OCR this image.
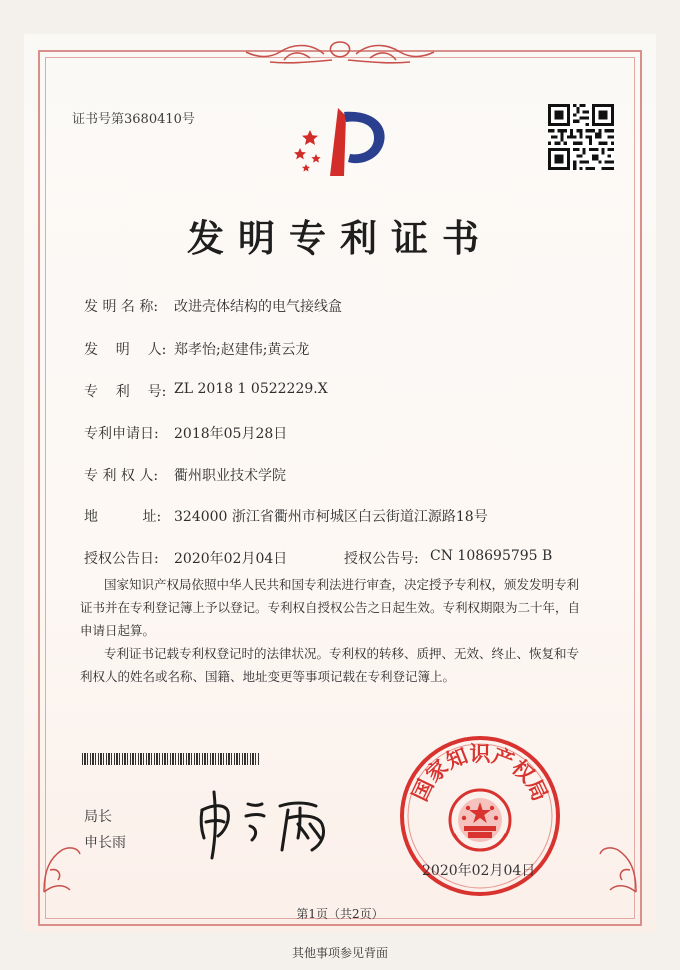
证书号第3680410号
发明专利证书
发 明 名 称: 改进壳体结构的电气接线盒
发    明    人: 郑孝怡;赵建伟;黄云龙
专    利    号: ZL 2018 1 0522229.X
专利申请日: 2018年05月28日
专 利 权 人: 衢州职业技术学院
地          址: 324000 浙江省衢州市柯城区白云街道江源路18号
授权公告日: 2020年02月04日	授权公告号: CN 108695795 B
国家知识产权局依照中华人民共和国专利法进行审查，决定授予专利权，颁发发明专利
证书并在专利登记簿上予以登记。专利权自授权公告之日起生效。专利权期限为二十年，自
申请日起算。
专利证书记载专利权登记时的法律状况。专利权的转移、质押、无效、终止、恢复和专
利权人的姓名或名称、国籍、地址变更等事项记载在专利登记簿上。
局长
申长雨
国家知识产权局
2020年02月04日
第1页（共2页）
其他事项参见背面
